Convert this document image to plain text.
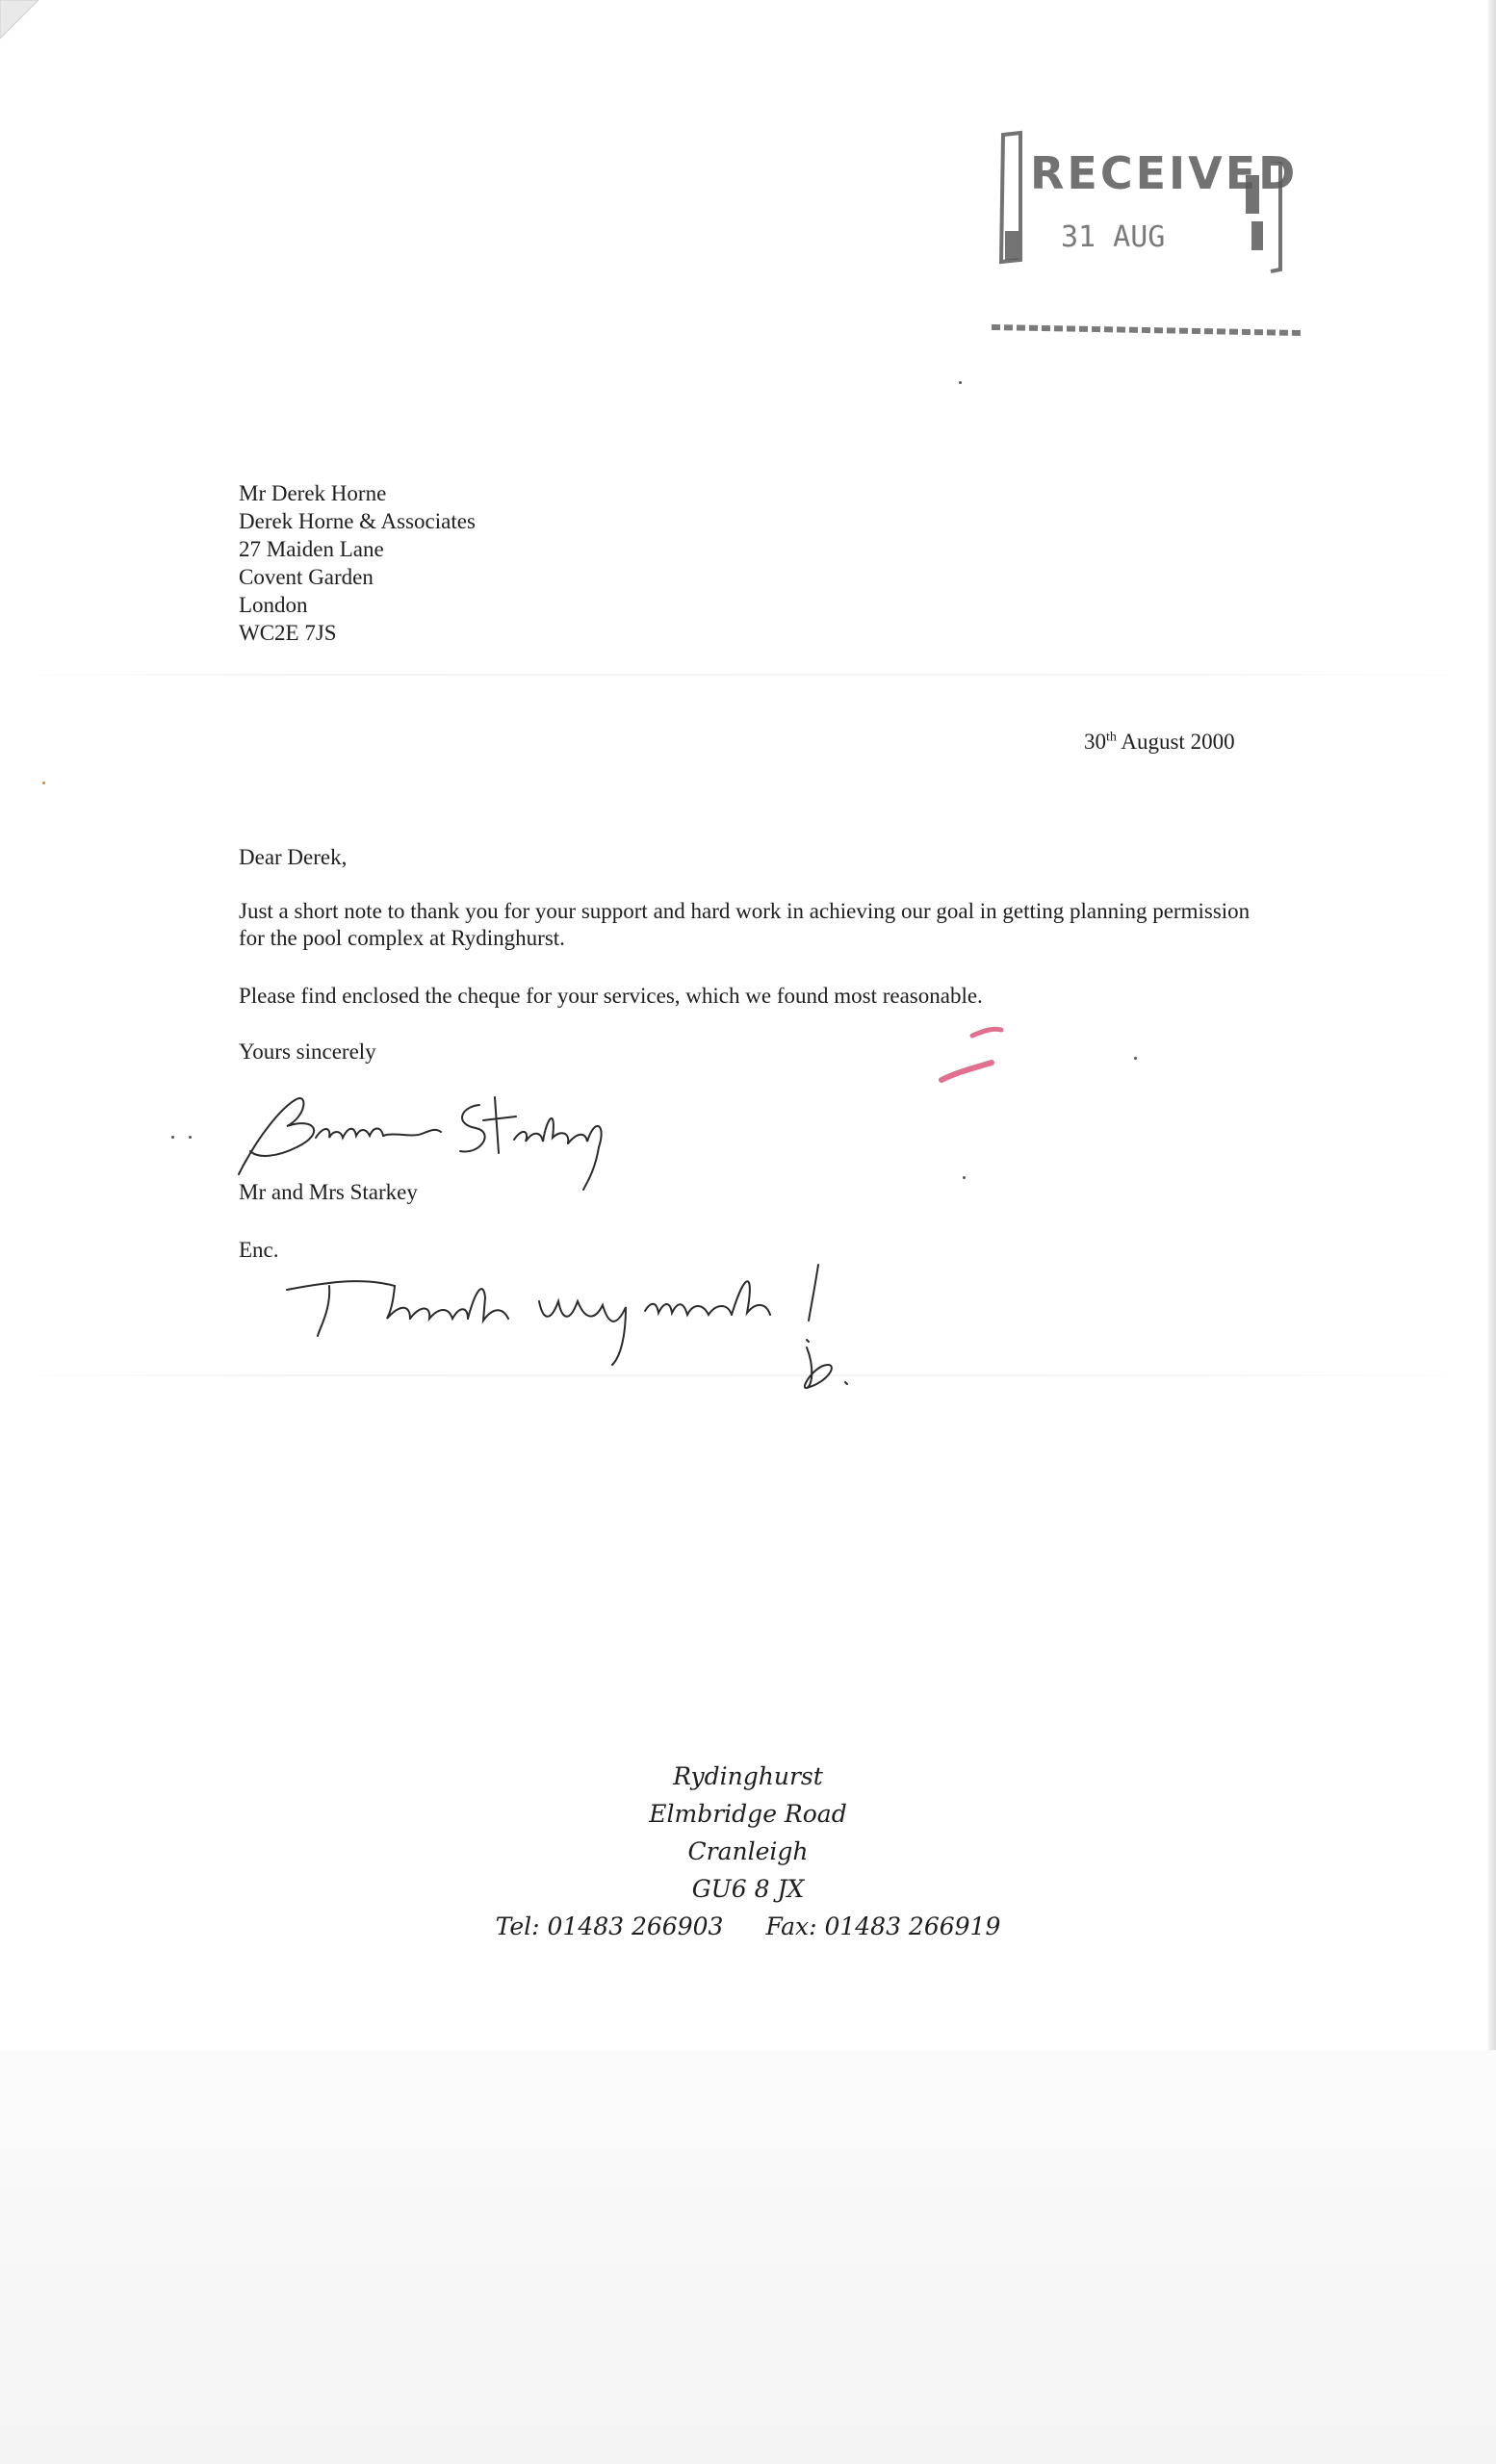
RECEIVED
31 AUG
Mr Derek Horne
Derek Horne & Associates
27 Maiden Lane
Covent Garden
London
WC2E 7JS
30th August 2000
Dear Derek,
Just a short note to thank you for your support and hard work in achieving our goal in getting planning permission for the pool complex at Rydinghurst.
Please find enclosed the cheque for your services, which we found most reasonable.
Yours sincerely
Mr and Mrs Starkey
Enc.
Rydinghurst
Elmbridge Road
Cranleigh
GU6 8 JX
Tel: 01483 266903 Fax: 01483 266919
